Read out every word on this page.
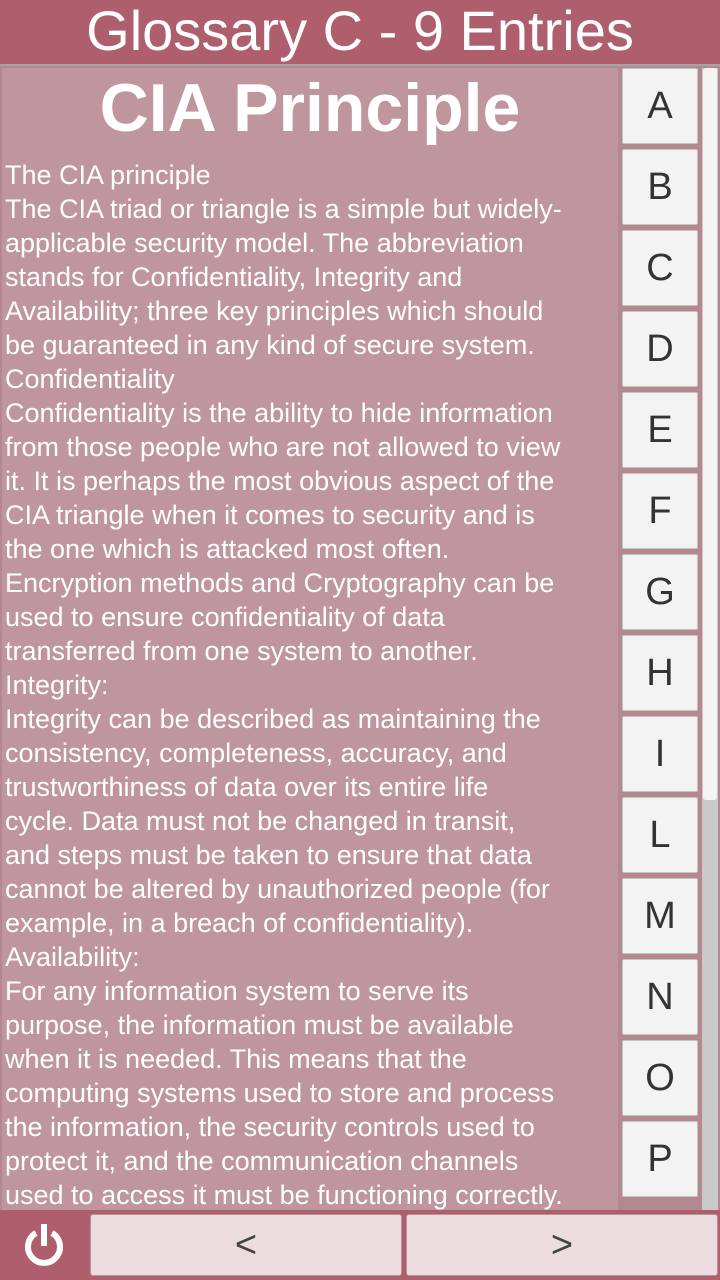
Glossary C - 9 Entries
CIA Principle
The CIA principle
The CIA triad or triangle is a simple but widely-
applicable security model. The abbreviation
stands for Confidentiality, Integrity and
Availability; three key principles which should
be guaranteed in any kind of secure system.
Confidentiality
Confidentiality is the ability to hide information
from those people who are not allowed to view
it. It is perhaps the most obvious aspect of the
CIA triangle when it comes to security and is
the one which is attacked most often.
Encryption methods and Cryptography can be
used to ensure confidentiality of data
transferred from one system to another.
Integrity:
Integrity can be described as maintaining the
consistency, completeness, accuracy, and
trustworthiness of data over its entire life
cycle. Data must not be changed in transit,
and steps must be taken to ensure that data
cannot be altered by unauthorized people (for
example, in a breach of confidentiality).
Availability:
For any information system to serve its
purpose, the information must be available
when it is needed. This means that the
computing systems used to store and process
the information, the security controls used to
protect it, and the communication channels
used to access it must be functioning correctly.
A
B
C
D
E
F
G
H
I
L
M
N
O
P
<	>
